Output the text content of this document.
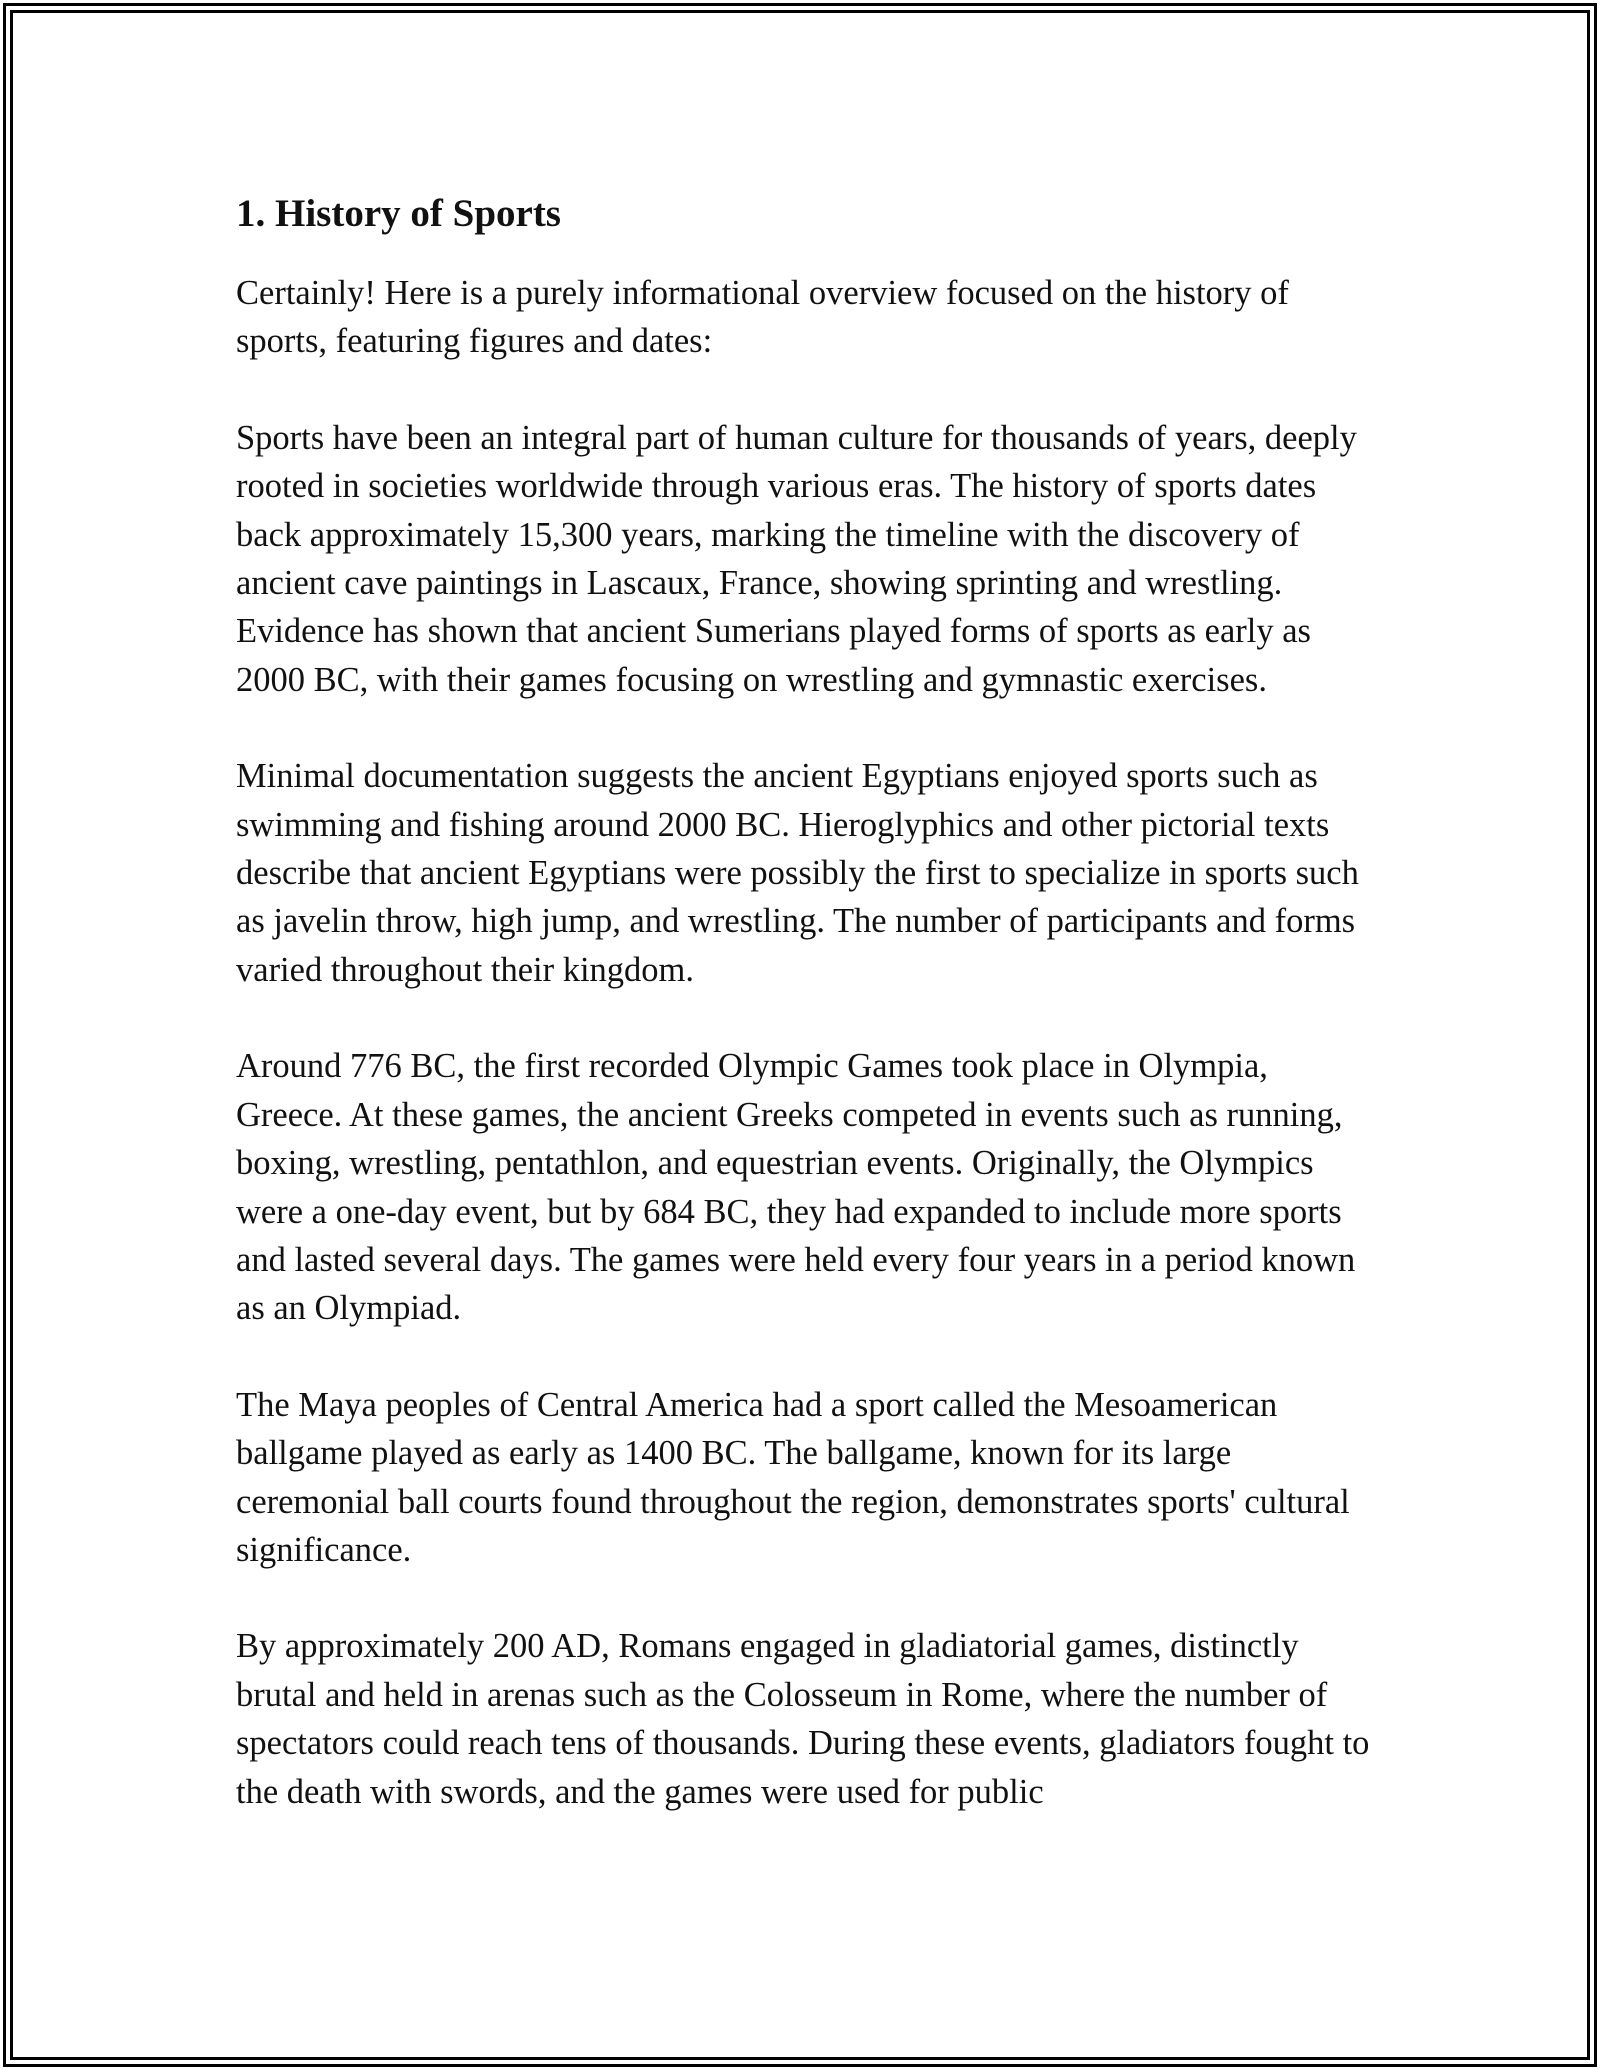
1. History of Sports

Certainly! Here is a purely informational overview focused on the history of sports, featuring figures and dates:

Sports have been an integral part of human culture for thousands of years, deeply rooted in societies worldwide through various eras. The history of sports dates back approximately 15,300 years, marking the timeline with the discovery of ancient cave paintings in Lascaux, France, showing sprinting and wrestling. Evidence has shown that ancient Sumerians played forms of sports as early as 2000 BC, with their games focusing on wrestling and gymnastic exercises.

Minimal documentation suggests the ancient Egyptians enjoyed sports such as swimming and fishing around 2000 BC. Hieroglyphics and other pictorial texts describe that ancient Egyptians were possibly the first to specialize in sports such as javelin throw, high jump, and wrestling. The number of participants and forms varied throughout their kingdom.

Around 776 BC, the first recorded Olympic Games took place in Olympia, Greece. At these games, the ancient Greeks competed in events such as running, boxing, wrestling, pentathlon, and equestrian events. Originally, the Olympics were a one-day event, but by 684 BC, they had expanded to include more sports and lasted several days. The games were held every four years in a period known as an Olympiad.

The Maya peoples of Central America had a sport called the Mesoamerican ballgame played as early as 1400 BC. The ballgame, known for its large ceremonial ball courts found throughout the region, demonstrates sports' cultural significance.

By approximately 200 AD, Romans engaged in gladiatorial games, distinctly brutal and held in arenas such as the Colosseum in Rome, where the number of spectators could reach tens of thousands. During these events, gladiators fought to the death with swords, and the games were used for public
